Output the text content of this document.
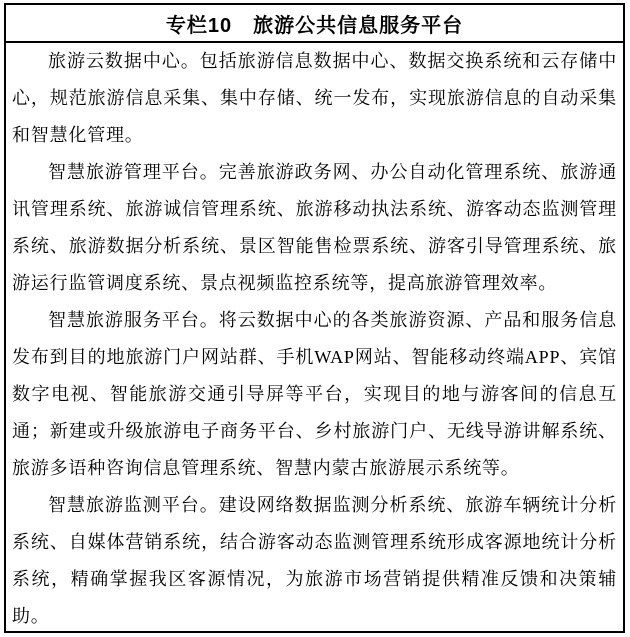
专栏10　旅游公共信息服务平台

旅游云数据中心。包括旅游信息数据中心、数据交换系统和云存储中心，规范旅游信息采集、集中存储、统一发布，实现旅游信息的自动采集和智慧化管理。

智慧旅游管理平台。完善旅游政务网、办公自动化管理系统、旅游通讯管理系统、旅游诚信管理系统、旅游移动执法系统、游客动态监测管理系统、旅游数据分析系统、景区智能售检票系统、游客引导管理系统、旅游运行监管调度系统、景点视频监控系统等，提高旅游管理效率。

智慧旅游服务平台。将云数据中心的各类旅游资源、产品和服务信息发布到目的地旅游门户网站群、手机WAP网站、智能移动终端APP、宾馆数字电视、智能旅游交通引导屏等平台，实现目的地与游客间的信息互通；新建或升级旅游电子商务平台、乡村旅游门户、无线导游讲解系统、旅游多语种咨询信息管理系统、智慧内蒙古旅游展示系统等。

智慧旅游监测平台。建设网络数据监测分析系统、旅游车辆统计分析系统、自媒体营销系统，结合游客动态监测管理系统形成客源地统计分析系统，精确掌握我区客源情况，为旅游市场营销提供精准反馈和决策辅助。
